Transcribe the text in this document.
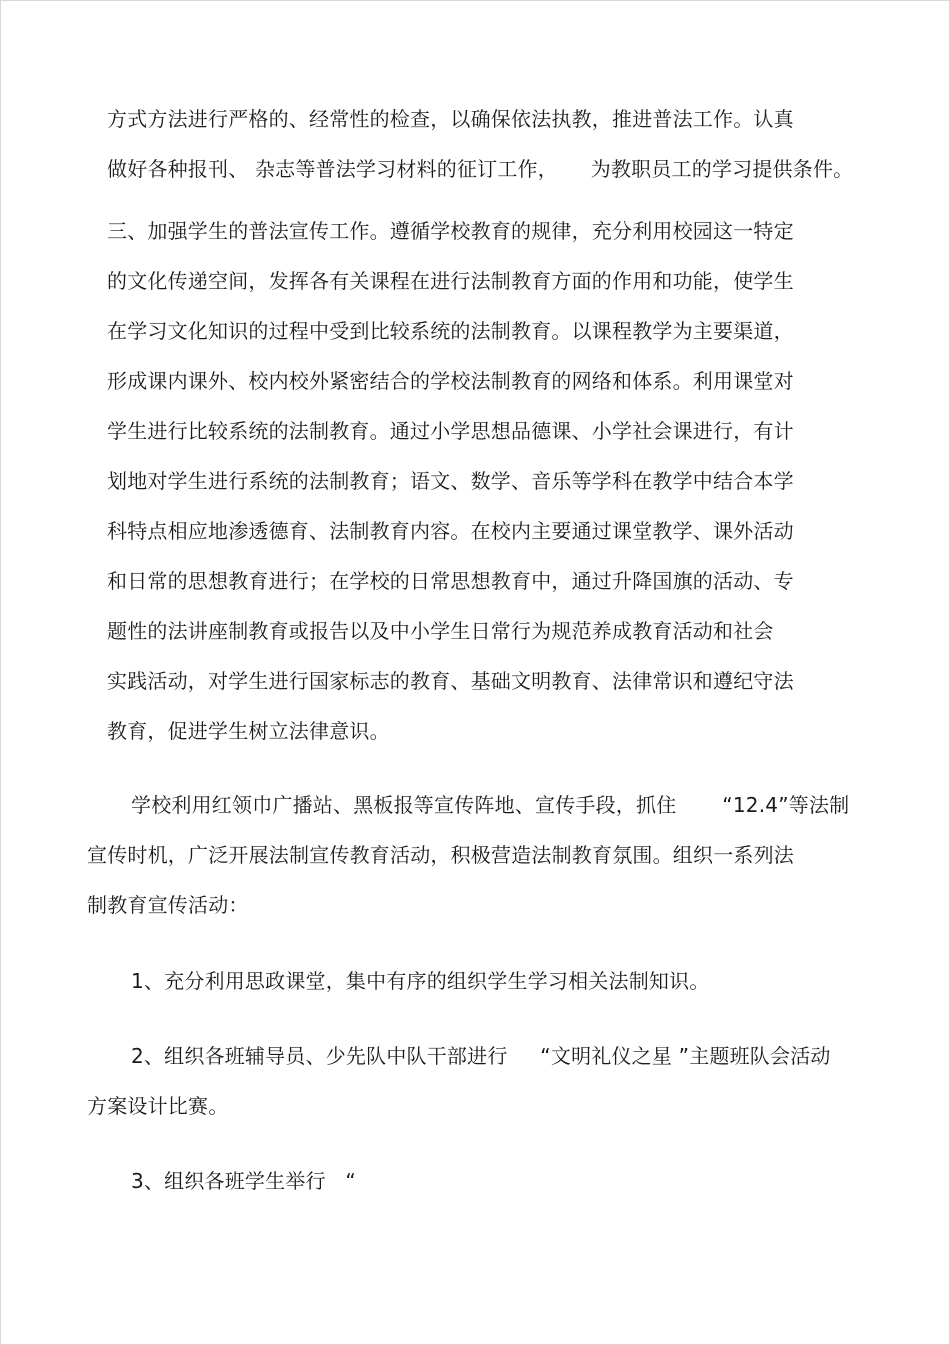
方式方法进行严格的、经常性的检查，以确保依法执教，推进普法工作。认真
做好各种报刊、 杂志等普法学习材料的征订工作，     为教职员工的学习提供条件。
三、加强学生的普法宣传工作。遵循学校教育的规律，充分利用校园这一特定
的文化传递空间，发挥各有关课程在进行法制教育方面的作用和功能，使学生
在学习文化知识的过程中受到比较系统的法制教育。以课程教学为主要渠道，
形成课内课外、校内校外紧密结合的学校法制教育的网络和体系。利用课堂对
学生进行比较系统的法制教育。通过小学思想品德课、小学社会课进行，有计
划地对学生进行系统的法制教育；语文、数学、音乐等学科在教学中结合本学
科特点相应地渗透德育、法制教育内容。在校内主要通过课堂教学、课外活动
和日常的思想教育进行；在学校的日常思想教育中，通过升降国旗的活动、专
题性的法讲座制教育或报告以及中小学生日常行为规范养成教育活动和社会
实践活动，对学生进行国家标志的教育、基础文明教育、法律常识和遵纪守法
教育，促进学生树立法律意识。
学校利用红领巾广播站、黑板报等宣传阵地、宣传手段，抓住       “12.4”等法制
宣传时机，广泛开展法制宣传教育活动，积极营造法制教育氛围。组织一系列法
制教育宣传活动：
1、充分利用思政课堂，集中有序的组织学生学习相关法制知识。
2、组织各班辅导员、少先队中队干部进行     “文明礼仪之星 ”主题班队会活动
方案设计比赛。
3、组织各班学生举行   “
